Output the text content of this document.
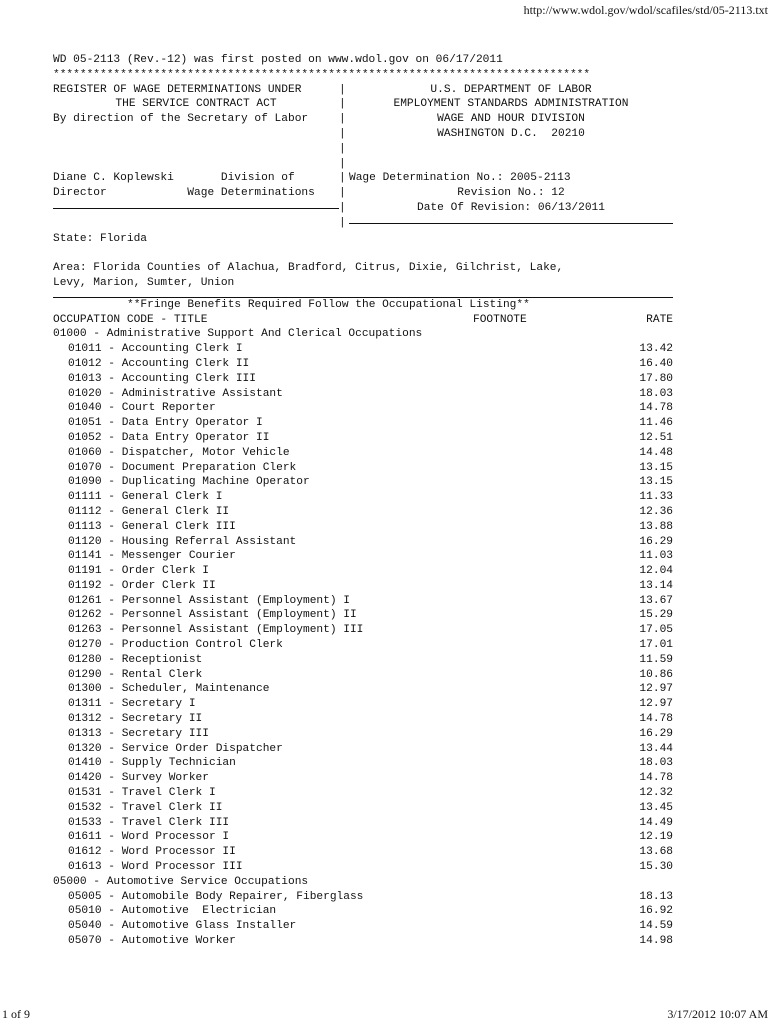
http://www.wdol.gov/wdol/scafiles/std/05-2113.txt
WD 05-2113 (Rev.-12) was first posted on www.wdol.gov on 06/17/2011
********************************************************************************
REGISTER OF WAGE DETERMINATIONS UNDER
THE SERVICE CONTRACT ACT
By direction of the Secretary of Labor
Diane C. Koplewski	Division of
Director	Wage Determinations
|
|
|
|
|
|
|
|
|
|
U.S. DEPARTMENT OF LABOR
EMPLOYMENT STANDARDS ADMINISTRATION
WAGE AND HOUR DIVISION
WASHINGTON D.C.  20210
Wage Determination No.: 2005-2113
Revision No.: 12
Date Of Revision: 06/13/2011
State: Florida
Area: Florida Counties of Alachua, Bradford, Citrus, Dixie, Gilchrist, Lake,
Levy, Marion, Sumter, Union
**Fringe Benefits Required Follow the Occupational Listing**
OCCUPATION CODE - TITLE	FOOTNOTE	RATE
01000 - Administrative Support And Clerical Occupations
01011 - Accounting Clerk I	13.42
01012 - Accounting Clerk II	16.40
01013 - Accounting Clerk III	17.80
01020 - Administrative Assistant	18.03
01040 - Court Reporter	14.78
01051 - Data Entry Operator I	11.46
01052 - Data Entry Operator II	12.51
01060 - Dispatcher, Motor Vehicle	14.48
01070 - Document Preparation Clerk	13.15
01090 - Duplicating Machine Operator	13.15
01111 - General Clerk I	11.33
01112 - General Clerk II	12.36
01113 - General Clerk III	13.88
01120 - Housing Referral Assistant	16.29
01141 - Messenger Courier	11.03
01191 - Order Clerk I	12.04
01192 - Order Clerk II	13.14
01261 - Personnel Assistant (Employment) I	13.67
01262 - Personnel Assistant (Employment) II	15.29
01263 - Personnel Assistant (Employment) III	17.05
01270 - Production Control Clerk	17.01
01280 - Receptionist	11.59
01290 - Rental Clerk	10.86
01300 - Scheduler, Maintenance	12.97
01311 - Secretary I	12.97
01312 - Secretary II	14.78
01313 - Secretary III	16.29
01320 - Service Order Dispatcher	13.44
01410 - Supply Technician	18.03
01420 - Survey Worker	14.78
01531 - Travel Clerk I	12.32
01532 - Travel Clerk II	13.45
01533 - Travel Clerk III	14.49
01611 - Word Processor I	12.19
01612 - Word Processor II	13.68
01613 - Word Processor III	15.30
05000 - Automotive Service Occupations
05005 - Automobile Body Repairer, Fiberglass	18.13
05010 - Automotive  Electrician	16.92
05040 - Automotive Glass Installer	14.59
05070 - Automotive Worker	14.98
1 of 9	3/17/2012 10:07 AM
